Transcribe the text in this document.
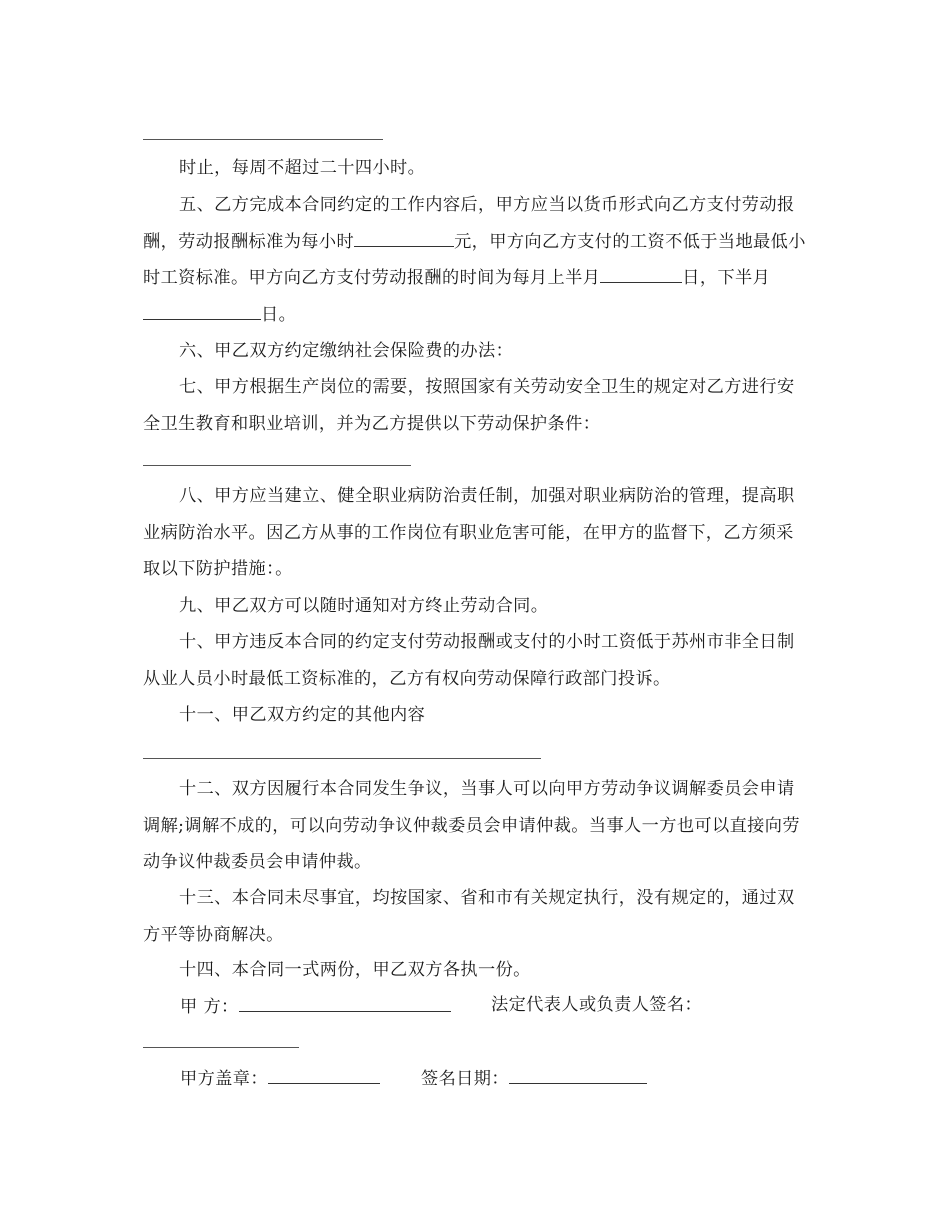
时止，每周不超过二十四小时。

五、乙方完成本合同约定的工作内容后，甲方应当以货币形式向乙方支付劳动报酬，劳动报酬标准为每小时	元，甲方向乙方支付的工资不低于当地最低小时工资标准。甲方向乙方支付劳动报酬的时间为每月上半月	日，下半月日。

六、甲乙双方约定缴纳社会保险费的办法：

七、甲方根据生产岗位的需要，按照国家有关劳动安全卫生的规定对乙方进行安全卫生教育和职业培训，并为乙方提供以下劳动保护条件：

八、甲方应当建立、健全职业病防治责任制，加强对职业病防治的管理，提高职业病防治水平。因乙方从事的工作岗位有职业危害可能，在甲方的监督下，乙方须采取以下防护措施：。

九、甲乙双方可以随时通知对方终止劳动合同。

十、甲方违反本合同的约定支付劳动报酬或支付的小时工资低于苏州市非全日制从业人员小时最低工资标准的，乙方有权向劳动保障行政部门投诉。

十一、甲乙双方约定的其他内容

十二、双方因履行本合同发生争议，当事人可以向甲方劳动争议调解委员会申请调解;调解不成的，可以向劳动争议仲裁委员会申请仲裁。当事人一方也可以直接向劳动争议仲裁委员会申请仲裁。

十三、本合同未尽事宜，均按国家、省和市有关规定执行，没有规定的，通过双方平等协商解决。

十四、本合同一式两份，甲乙双方各执一份。

甲 方：	法定代表人或负责人签名：
甲方盖章：	签名日期：
